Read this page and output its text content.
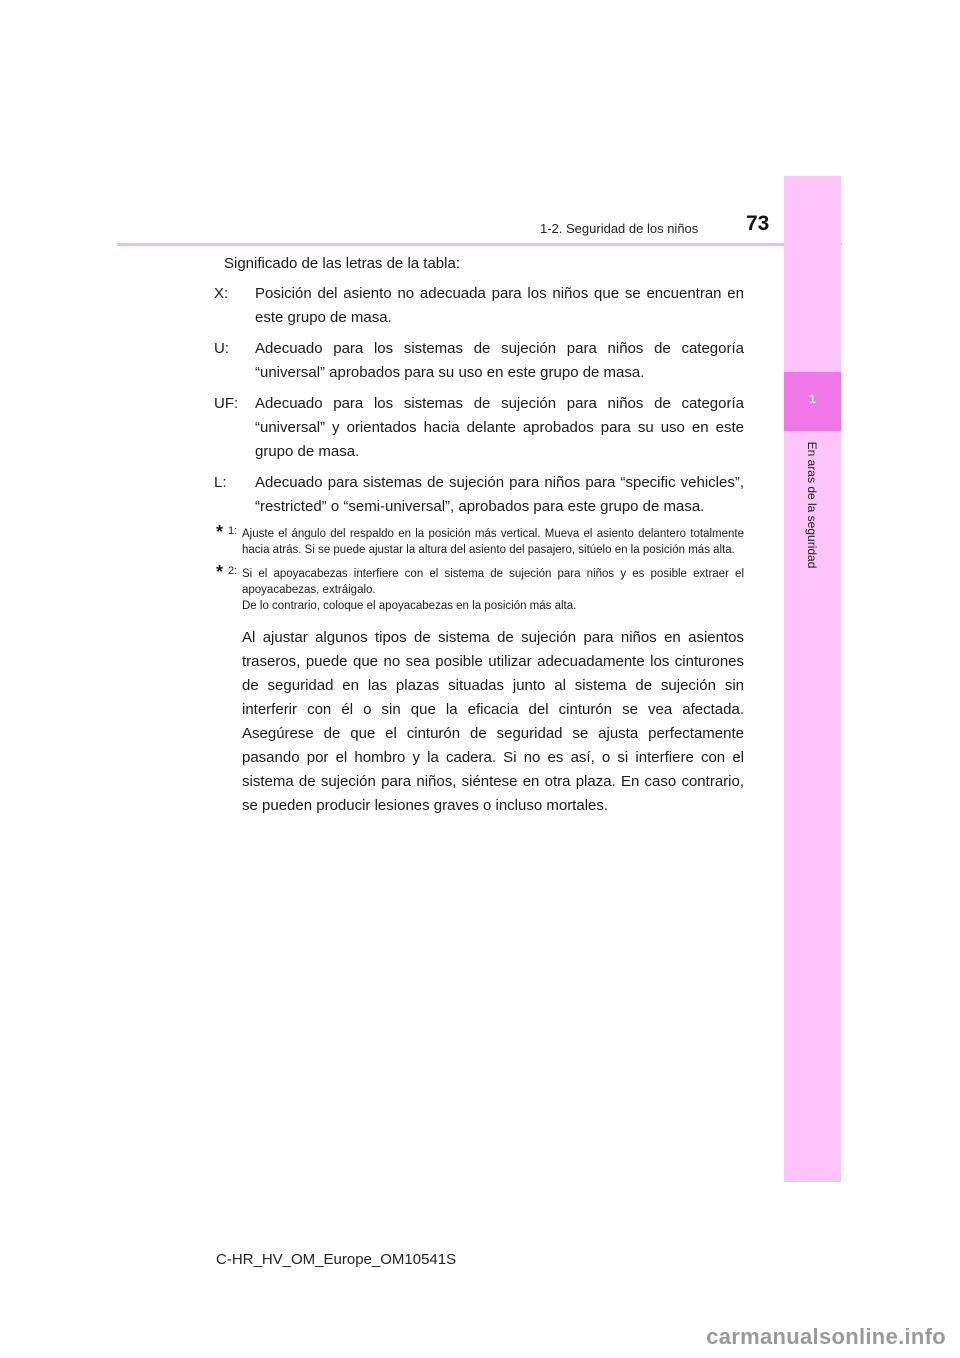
1-2. Seguridad de los niños 73
1
En aras de la seguridad

Significado de las letras de la tabla:

X:	Posición del asiento no adecuada para los niños que se encuentran en este grupo de masa.
U:	Adecuado para los sistemas de sujeción para niños de categoría “universal” aprobados para su uso en este grupo de masa.
UF:	Adecuado para los sistemas de sujeción para niños de categoría “universal” y orientados hacia delante aprobados para su uso en este grupo de masa.
L:	Adecuado para sistemas de sujeción para niños para “specific vehicles”, “restricted” o “semi-universal”, aprobados para este grupo de masa.
* 1: Ajuste el ángulo del respaldo en la posición más vertical. Mueva el asiento delantero totalmente hacia atrás. Si se puede ajustar la altura del asiento del pasajero, sitúelo en la posición más alta.
* 2: Si el apoyacabezas interfiere con el sistema de sujeción para niños y es posible extraer el apoyacabezas, extráigalo.
De lo contrario, coloque el apoyacabezas en la posición más alta.

Al ajustar algunos tipos de sistema de sujeción para niños en asientos traseros, puede que no sea posible utilizar adecuadamente los cinturones de seguridad en las plazas situadas junto al sistema de sujeción sin interferir con él o sin que la eficacia del cinturón se vea afectada. Asegúrese de que el cinturón de seguridad se ajusta perfectamente pasando por el hombro y la cadera. Si no es así, o si interfiere con el sistema de sujeción para niños, siéntese en otra plaza. En caso contrario, se pueden producir lesiones graves o incluso mortales.

C-HR_HV_OM_Europe_OM10541S
carmanualsonline.info
